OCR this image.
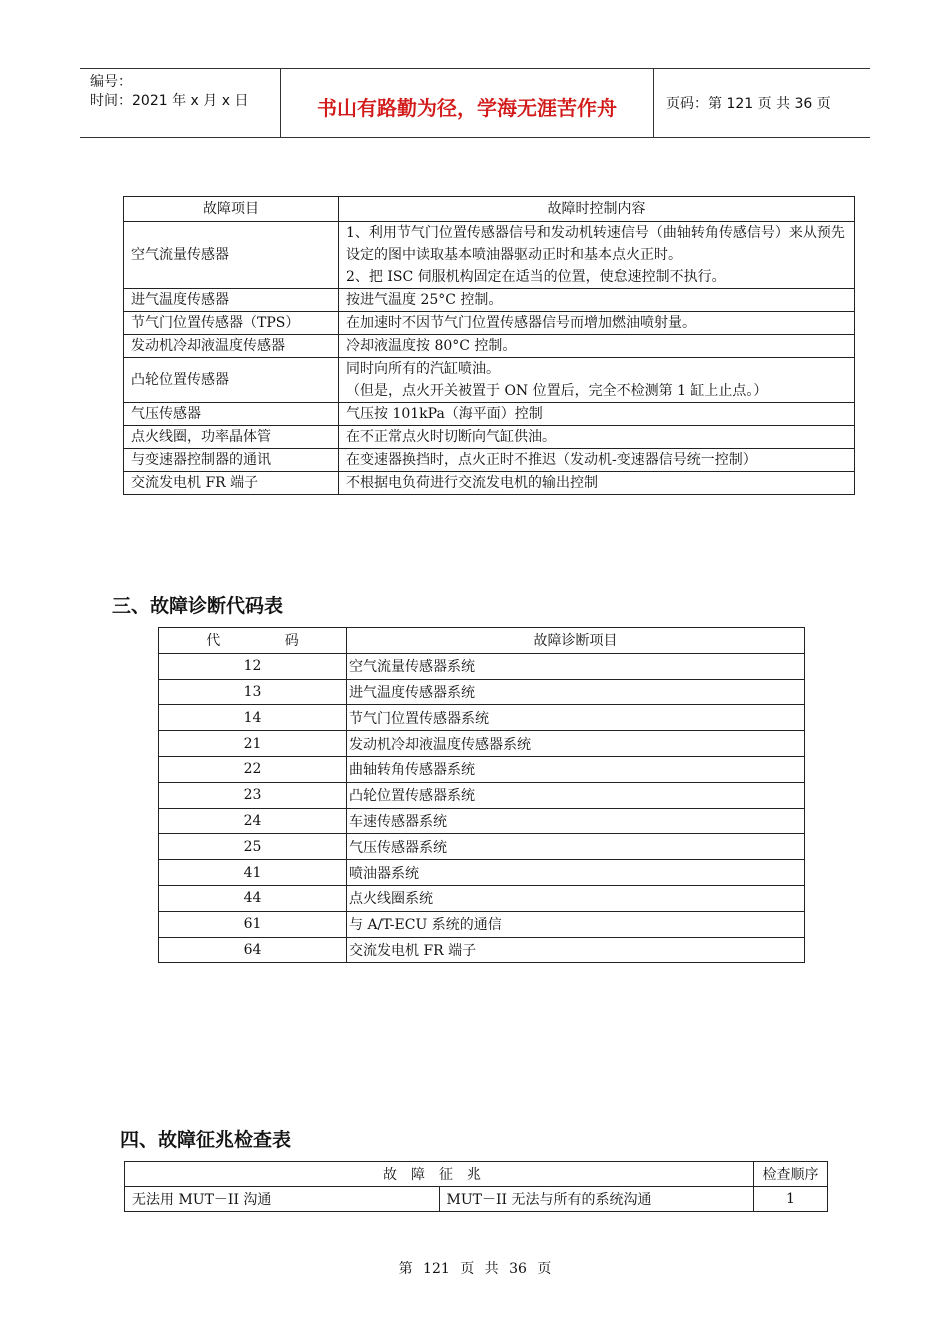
编号：
时间：2021 年 x 月 x 日	书山有路勤为径，学海无涯苦作舟	页码：第 121 页 共 36 页
故障项目	故障时控制内容
空气流量传感器	1、利用节气门位置传感器信号和发动机转速信号（曲轴转角传感信号）来从预先设定的图中读取基本喷油器驱动正时和基本点火正时。
2、把 ISC 伺服机构固定在适当的位置，使怠速控制不执行。

进气温度传感器	按进气温度 25°C 控制。

节气门位置传感器（TPS）	在加速时不因节气门位置传感器信号而增加燃油喷射量。

发动机冷却液温度传感器	冷却液温度按 80°C 控制。

凸轮位置传感器	同时向所有的汽缸喷油。
（但是，点火开关被置于 ON 位置后，完全不检测第 1 缸上止点。）

气压传感器	气压按 101kPa（海平面）控制

点火线圈，功率晶体管	在不正常点火时切断向气缸供油。

与变速器控制器的通讯	在变速器换挡时，点火正时不推迟（发动机-变速器信号统一控制）

交流发电机 FR 端子	不根据电负荷进行交流发电机的输出控制
三、故障诊断代码表
代 码	故障诊断项目
12	空气流量传感器系统
13	进气温度传感器系统
14	节气门位置传感器系统
21	发动机冷却液温度传感器系统
22	曲轴转角传感器系统
23	凸轮位置传感器系统
24	车速传感器系统
25	气压传感器系统
41	喷油器系统
44	点火线圈系统
61	与 A/T-ECU 系统的通信
64	交流发电机 FR 端子
四、故障征兆检查表
故障征兆		检查顺序
无法用 MUT－II 沟通	MUT－II 无法与所有的系统沟通	1
第 121 页 共 36 页
